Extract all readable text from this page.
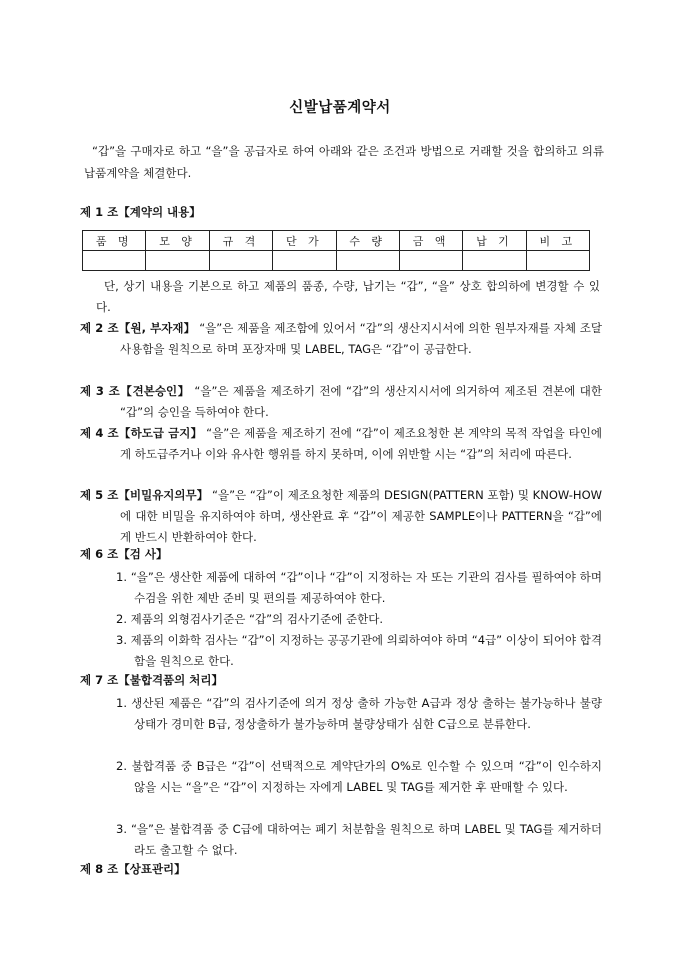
신발납품계약서
“갑”을 구매자로 하고 “을”을 공급자로 하여 아래와 같은 조건과 방법으로 거래할 것을 합의하고 의류납품계약을 체결한다.
제 1 조【계약의 내용】
품 명	모 양	규 격	단 가	수 량	금 액	납 기	비 고

단, 상기 내용을 기본으로 하고 제품의 품종, 수량, 납기는 “갑”, “을” 상호 합의하에 변경할 수 있다.
제 2 조【원, 부자재】 “을”은 제품을 제조함에 있어서 “갑”의 생산지시서에 의한 원부자재를 자체 조달 사용함을 원칙으로 하며 포장자매 및 LABEL, TAG은 “갑”이 공급한다.
제 3 조【견본승인】 “을”은 제품을 제조하기 전에 “갑”의 생산지시서에 의거하여 제조된 견본에 대한 “갑”의 승인을 득하여야 한다.
제 4 조【하도급 금지】 “을”은 제품을 제조하기 전에 “갑”이 제조요청한 본 계약의 목적 작업을 타인에게 하도급주거나 이와 유사한 행위를 하지 못하며, 이에 위반할 시는 “갑”의 처리에 따른다.
제 5 조【비밀유지의무】 “을”은 “갑”이 제조요청한 제품의 DESIGN(PATTERN 포함) 및 KNOW-HOW에 대한 비밀을 유지하여야 하며, 생산완료 후 “갑”이 제공한 SAMPLE이나 PATTERN을 “갑”에게 반드시 반환하여야 한다.
제 6 조【검 사】
1. “을”은 생산한 제품에 대하여 “갑”이나 “갑”이 지정하는 자 또는 기관의 검사를 필하여야 하며 수검을 위한 제반 준비 및 편의를 제공하여야 한다.
2. 제품의 외형검사기준은 “갑”의 검사기준에 준한다.
3. 제품의 이화학 검사는 “갑”이 지정하는 공공기관에 의뢰하여야 하며 “4급” 이상이 되어야 합격함을 원칙으로 한다.
제 7 조【불합격품의 처리】
1. 생산된 제품은 “갑”의 검사기준에 의거 정상 출하 가능한 A급과 정상 출하는 불가능하나 불량상태가 경미한 B급, 정상출하가 불가능하며 불량상태가 심한 C급으로 분류한다.
2. 불합격품 중 B급은 “갑”이 선택적으로 계약단가의 O%로 인수할 수 있으며 “갑”이 인수하지 않을 시는 “을”은 “갑”이 지정하는 자에게 LABEL 및 TAG를 제거한 후 판매할 수 있다.
3. “을”은 불합격품 중 C급에 대하여는 폐기 처분함을 원칙으로 하며 LABEL 및 TAG를 제거하더라도 출고할 수 없다.
제 8 조【상표관리】
